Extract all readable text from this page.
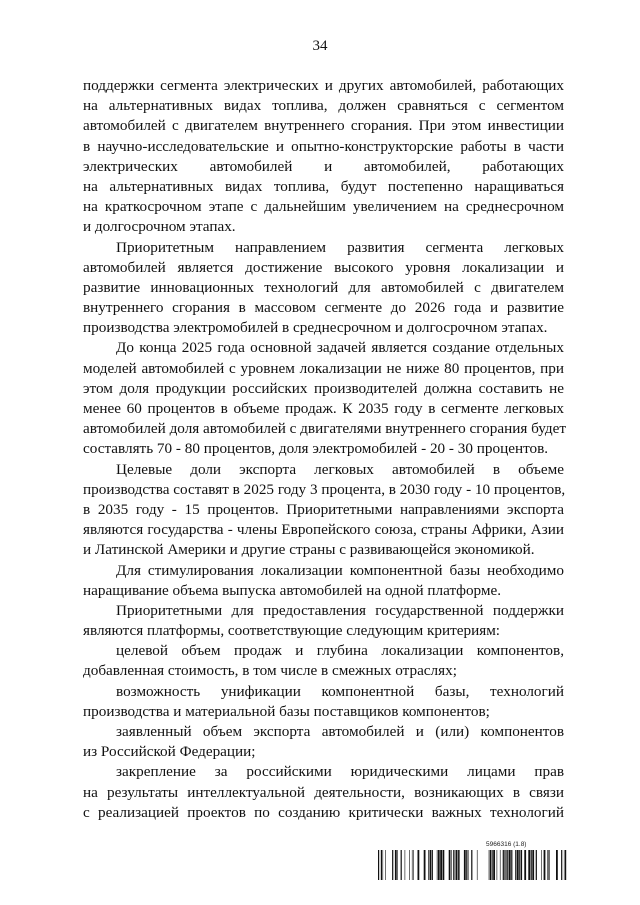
34
поддержки сегмента электрических и других автомобилей, работающих
на альтернативных видах топлива, должен сравняться с сегментом
автомобилей с двигателем внутреннего сгорания. При этом инвестиции
в научно-исследовательские и опытно-конструкторские работы в части
электрических автомобилей и автомобилей, работающих
на альтернативных видах топлива, будут постепенно наращиваться
на краткосрочном этапе с дальнейшим увеличением на среднесрочном
и долгосрочном этапах.
Приоритетным направлением развития сегмента легковых
автомобилей является достижение высокого уровня локализации и
развитие инновационных технологий для автомобилей с двигателем
внутреннего сгорания в массовом сегменте до 2026 года и развитие
производства электромобилей в среднесрочном и долгосрочном этапах.
До конца 2025 года основной задачей является создание отдельных
моделей автомобилей с уровнем локализации не ниже 80 процентов, при
этом доля продукции российских производителей должна составить не
менее 60 процентов в объеме продаж. К 2035 году в сегменте легковых
автомобилей доля автомобилей с двигателями внутреннего сгорания будет
составлять 70 - 80 процентов, доля электромобилей - 20 - 30 процентов.
Целевые доли экспорта легковых автомобилей в объеме
производства составят в 2025 году 3 процента, в 2030 году - 10 процентов,
в 2035 году - 15 процентов. Приоритетными направлениями экспорта
являются государства - члены Европейского союза, страны Африки, Азии
и Латинской Америки и другие страны с развивающейся экономикой.
Для стимулирования локализации компонентной базы необходимо
наращивание объема выпуска автомобилей на одной платформе.
Приоритетными для предоставления государственной поддержки
являются платформы, соответствующие следующим критериям:
целевой объем продаж и глубина локализации компонентов,
добавленная стоимость, в том числе в смежных отраслях;
возможность унификации компонентной базы, технологий
производства и материальной базы поставщиков компонентов;
заявленный объем экспорта автомобилей и (или) компонентов
из Российской Федерации;
закрепление за российскими юридическими лицами прав
на результаты интеллектуальной деятельности, возникающих в связи
с реализацией проектов по созданию критически важных технологий
5966316 (1.8)
